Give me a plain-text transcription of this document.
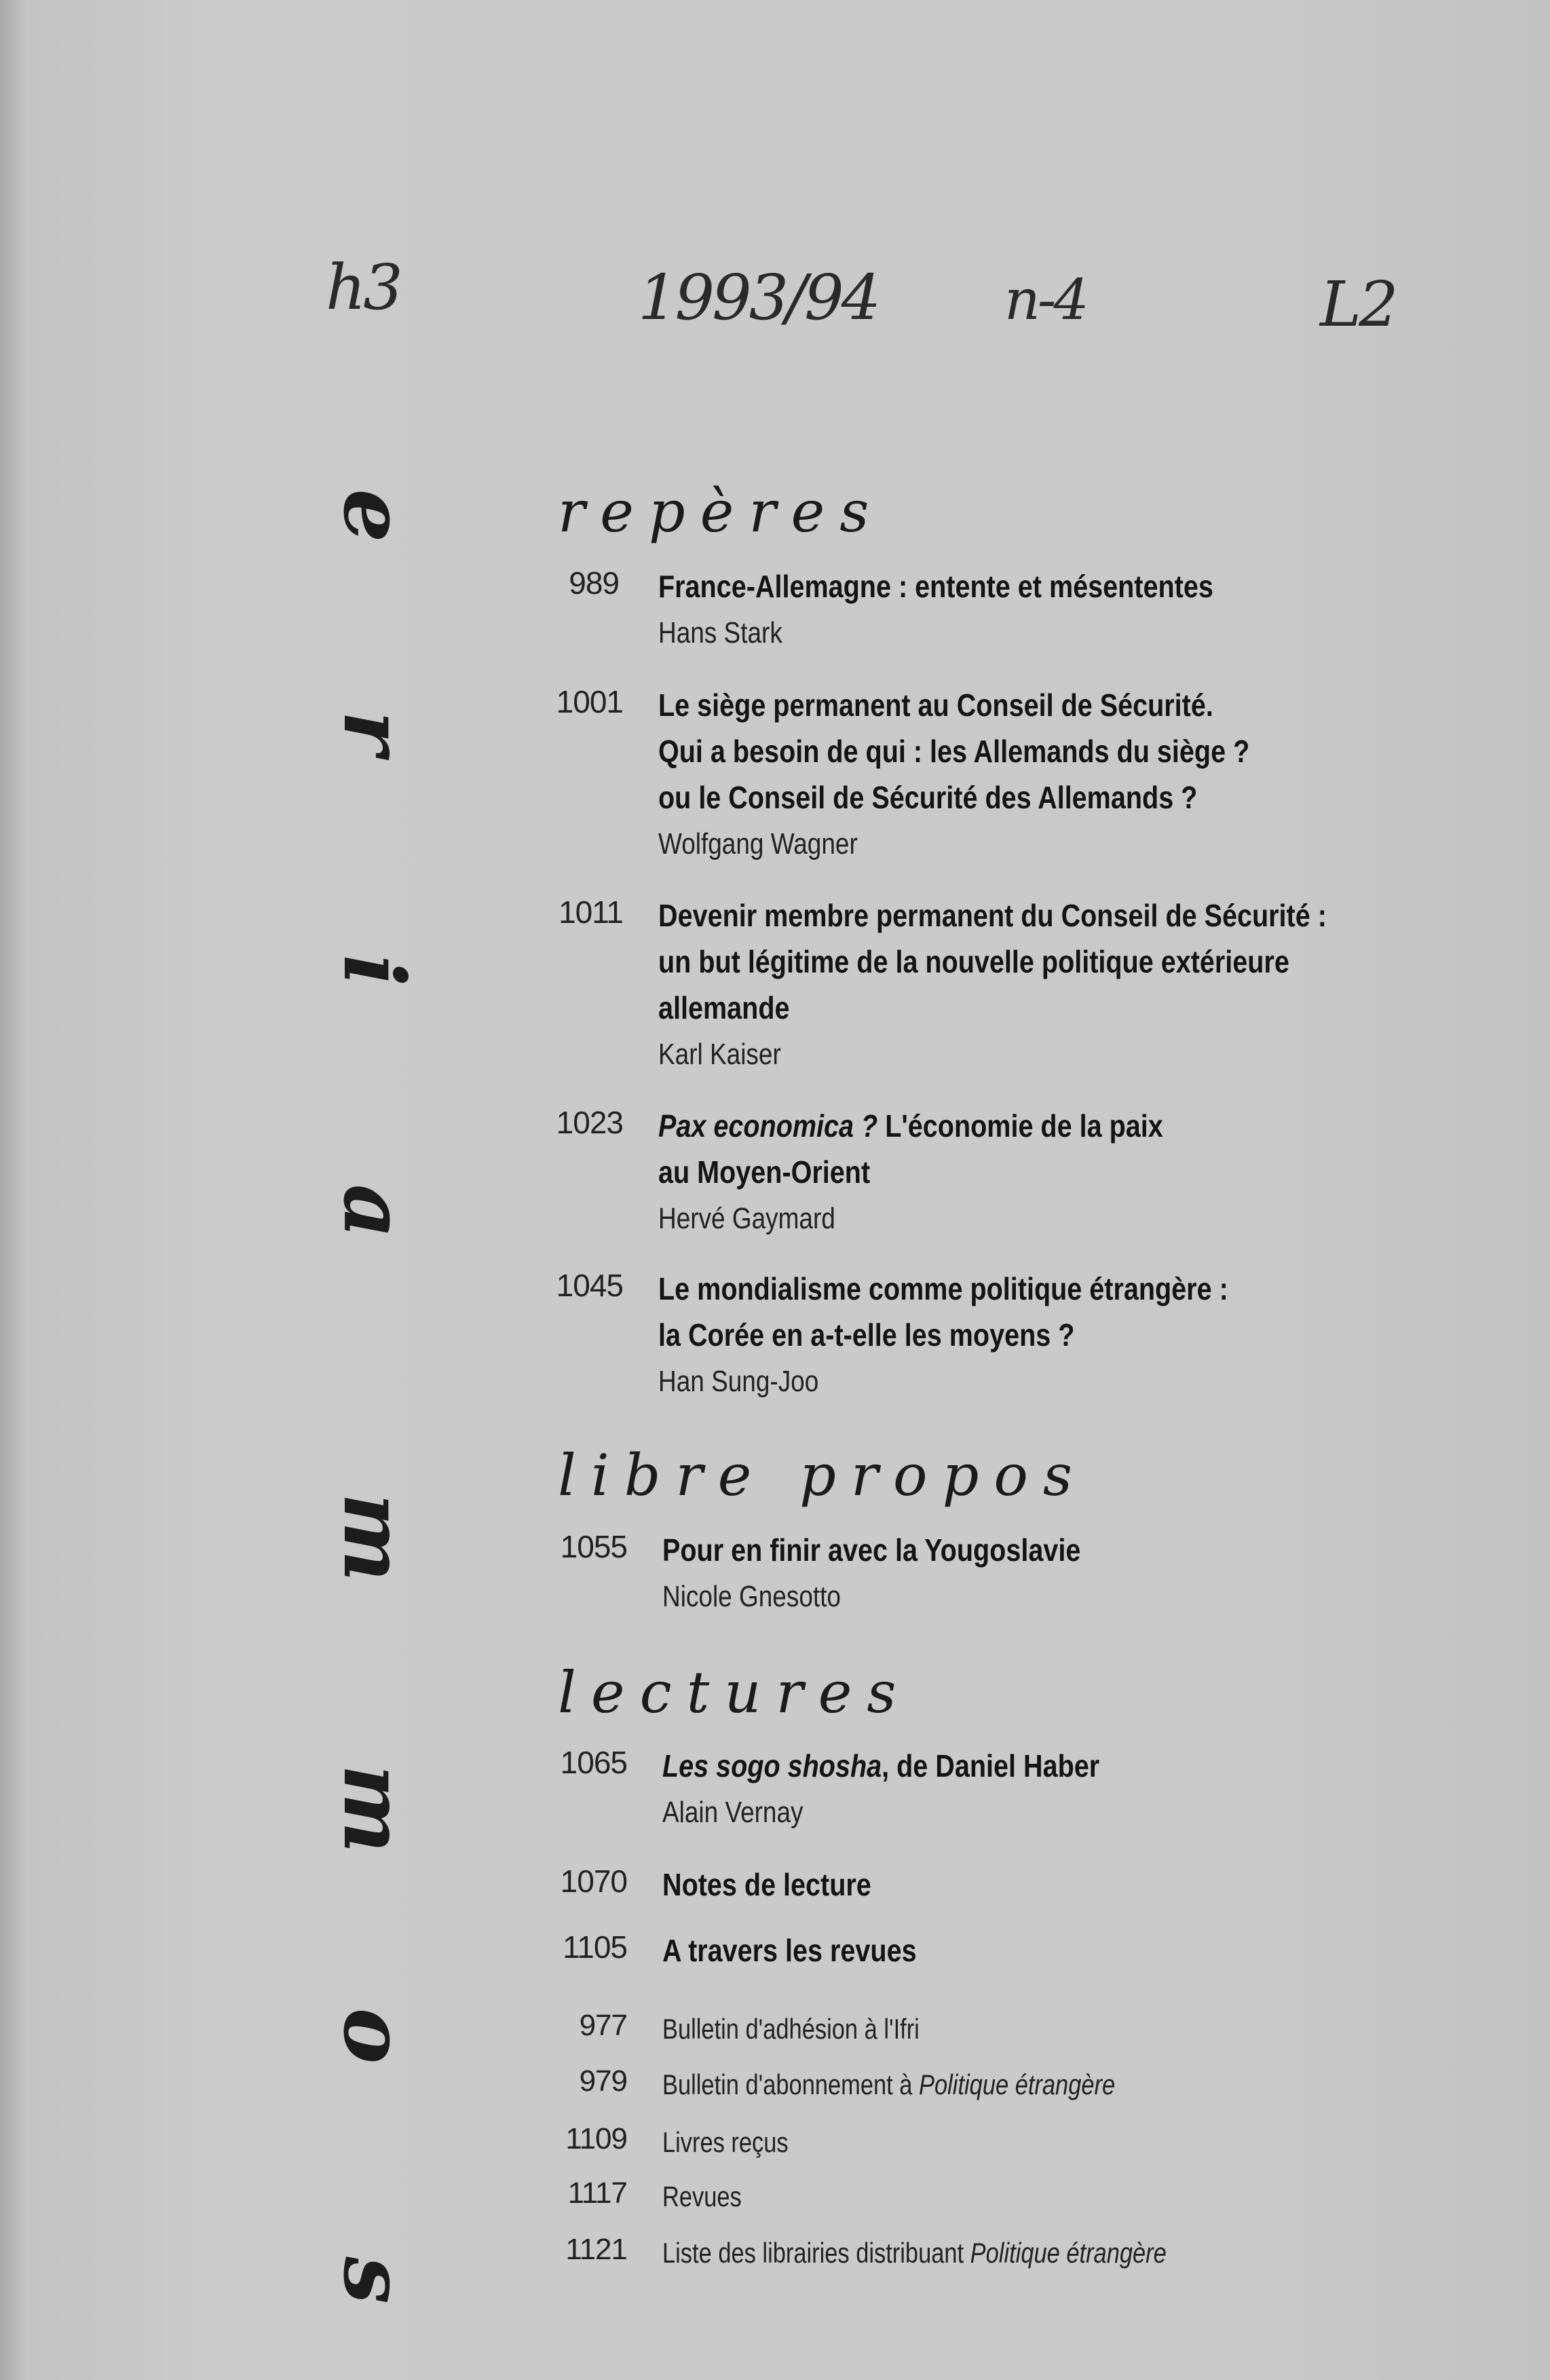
h3	1993/94 n-4	L2
e
r
i
a
m
m
o
s
repères
989 France-Allemagne : entente et mésententes
Hans Stark
1001 Le siège permanent au Conseil de Sécurité.
Qui a besoin de qui : les Allemands du siège ?
ou le Conseil de Sécurité des Allemands ?
Wolfgang Wagner
1011 Devenir membre permanent du Conseil de Sécurité :
un but légitime de la nouvelle politique extérieure
allemande
Karl Kaiser
1023 Pax economica ? L'économie de la paix
au Moyen-Orient
Hervé Gaymard
1045 Le mondialisme comme politique étrangère :
la Corée en a-t-elle les moyens ?
Han Sung-Joo
libre propos
1055 Pour en finir avec la Yougoslavie
Nicole Gnesotto
lectures
1065 Les sogo shosha, de Daniel Haber
Alain Vernay
1070 Notes de lecture
1105 A travers les revues
977 Bulletin d'adhésion à l'Ifri
979 Bulletin d'abonnement à Politique étrangère
1109 Livres reçus
1117 Revues
1121 Liste des librairies distribuant Politique étrangère
